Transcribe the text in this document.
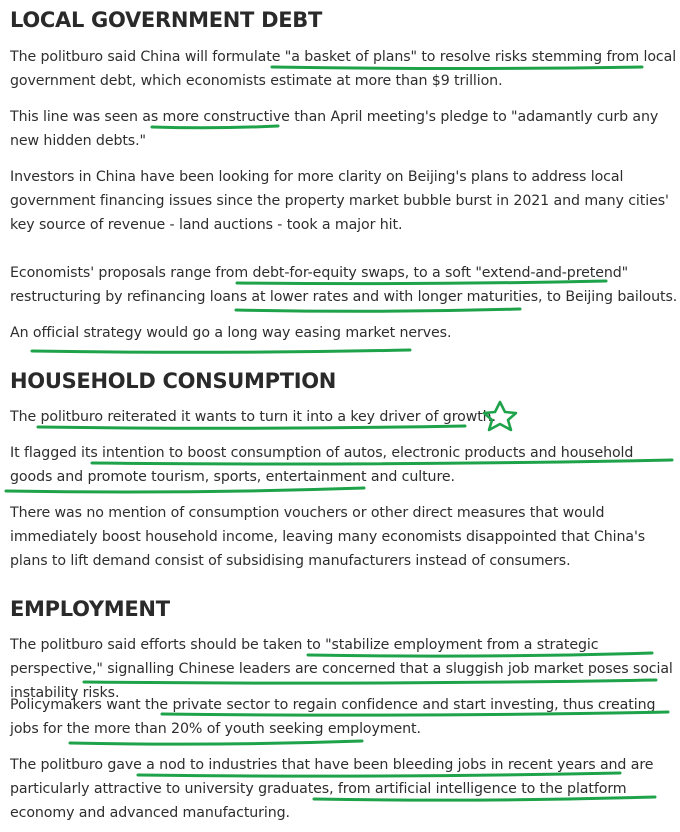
LOCAL GOVERNMENT DEBT

The politburo said China will formulate "a basket of plans" to resolve risks stemming from local government debt, which economists estimate at more than $9 trillion.

This line was seen as more constructive than April meeting's pledge to "adamantly curb any new hidden debts."

Investors in China have been looking for more clarity on Beijing's plans to address local government financing issues since the property market bubble burst in 2021 and many cities' key source of revenue - land auctions - took a major hit.

Economists' proposals range from debt-for-equity swaps, to a soft "extend-and-pretend" restructuring by refinancing loans at lower rates and with longer maturities, to Beijing bailouts.

An official strategy would go a long way easing market nerves.

HOUSEHOLD CONSUMPTION

The politburo reiterated it wants to turn it into a key driver of growth.

It flagged its intention to boost consumption of autos, electronic products and household goods and promote tourism, sports, entertainment and culture.

There was no mention of consumption vouchers or other direct measures that would immediately boost household income, leaving many economists disappointed that China's plans to lift demand consist of subsidising manufacturers instead of consumers.

EMPLOYMENT

The politburo said efforts should be taken to "stabilize employment from a strategic perspective," signalling Chinese leaders are concerned that a sluggish job market poses social instability risks.

Policymakers want the private sector to regain confidence and start investing, thus creating jobs for the more than 20% of youth seeking employment.

The politburo gave a nod to industries that have been bleeding jobs in recent years and are particularly attractive to university graduates, from artificial intelligence to the platform economy and advanced manufacturing.
